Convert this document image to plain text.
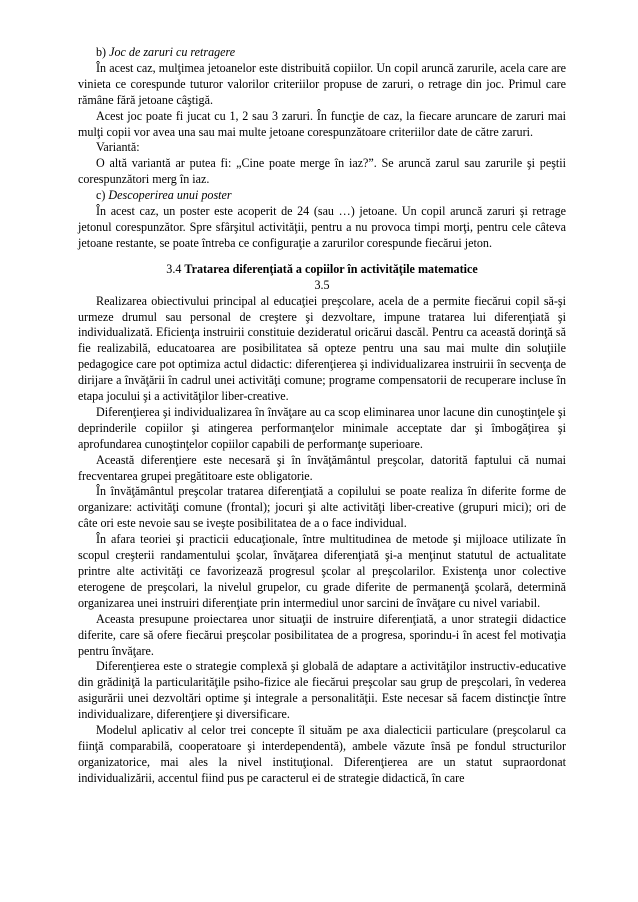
b) Joc de zaruri cu retragere

În acest caz, mulţimea jetoanelor este distribuită copiilor. Un copil aruncă zarurile, acela care are vinieta ce corespunde tuturor valorilor criteriilor propuse de zaruri, o retrage din joc. Primul care rămâne fără jetoane câştigă.

Acest joc poate fi jucat cu 1, 2 sau 3 zaruri. În funcţie de caz, la fiecare aruncare de zaruri mai mulţi copii vor avea una sau mai multe jetoane corespunzătoare criteriilor date de către zaruri.

Variantă:

O altă variantă ar putea fi: „Cine poate merge în iaz?”. Se aruncă zarul sau zarurile şi peştii corespunzători merg în iaz.

c) Descoperirea unui poster

În acest caz, un poster este acoperit de 24 (sau …) jetoane. Un copil aruncă zaruri şi retrage jetonul corespunzător. Spre sfârşitul activităţii, pentru a nu provoca timpi morţi, pentru cele câteva jetoane restante, se poate întreba ce configuraţie a zarurilor corespunde fiecărui jeton.

3.4 Tratarea diferenţiată a copiilor în activităţile matematice

3.5

Realizarea obiectivului principal al educaţiei preşcolare, acela de a permite fiecărui copil să-şi urmeze drumul sau personal de creştere şi dezvoltare, impune tratarea lui diferenţiată şi individualizată. Eficienţa instruirii constituie dezideratul oricărui dascăl. Pentru ca această dorinţă să fie realizabilă, educatoarea are posibilitatea să opteze pentru una sau mai multe din soluţiile pedagogice care pot optimiza actul didactic: diferenţierea şi individualizarea instruirii în secvenţa de dirijare a învăţării în cadrul unei activităţi comune; programe compensatorii de recuperare incluse în etapa jocului şi a activităţilor liber-creative.

Diferenţierea şi individualizarea în învăţare au ca scop eliminarea unor lacune din cunoştinţele şi deprinderile copiilor şi atingerea performanţelor minimale acceptate dar şi îmbogăţirea şi aprofundarea cunoştinţelor copiilor capabili de performanţe superioare.

Această diferenţiere este necesară şi în învăţământul preşcolar, datorită faptului că numai frecventarea grupei pregătitoare este obligatorie.

În învăţământul preşcolar tratarea diferenţiată a copilului se poate realiza în diferite forme de organizare: activităţi comune (frontal); jocuri şi alte activităţi liber-creative (grupuri mici); ori de câte ori este nevoie sau se iveşte posibilitatea de a o face individual.

În afara teoriei şi practicii educaţionale, între multitudinea de metode şi mijloace utilizate în scopul creşterii randamentului şcolar, învăţarea diferenţiată şi-a menţinut statutul de actualitate printre alte activităţi ce favorizează progresul şcolar al preşcolarilor. Existenţa unor colective eterogene de preşcolari, la nivelul grupelor, cu grade diferite de permanenţă şcolară, determină organizarea unei instruiri diferenţiate prin intermediul unor sarcini de învăţare cu nivel variabil.

Aceasta presupune proiectarea unor situaţii de instruire diferenţiată, a unor strategii didactice diferite, care să ofere fiecărui preşcolar posibilitatea de a progresa, sporindu-i în acest fel motivaţia pentru învăţare.

Diferenţierea este o strategie complexă şi globală de adaptare a activităţilor instructiv-educative din grădiniţă la particularităţile psiho-fizice ale fiecărui preşcolar sau grup de preşcolari, în vederea asigurării unei dezvoltări optime şi integrale a personalităţii. Este necesar să facem distincţie între individualizare, diferenţiere şi diversificare.

Modelul aplicativ al celor trei concepte îl situăm pe axa dialecticii particulare (preşcolarul ca fiinţă comparabilă, cooperatoare şi interdependentă), ambele văzute însă pe fondul structurilor organizatorice, mai ales la nivel instituţional. Diferenţierea are un statut supraordonat individualizării, accentul fiind pus pe caracterul ei de strategie didactică, în care
